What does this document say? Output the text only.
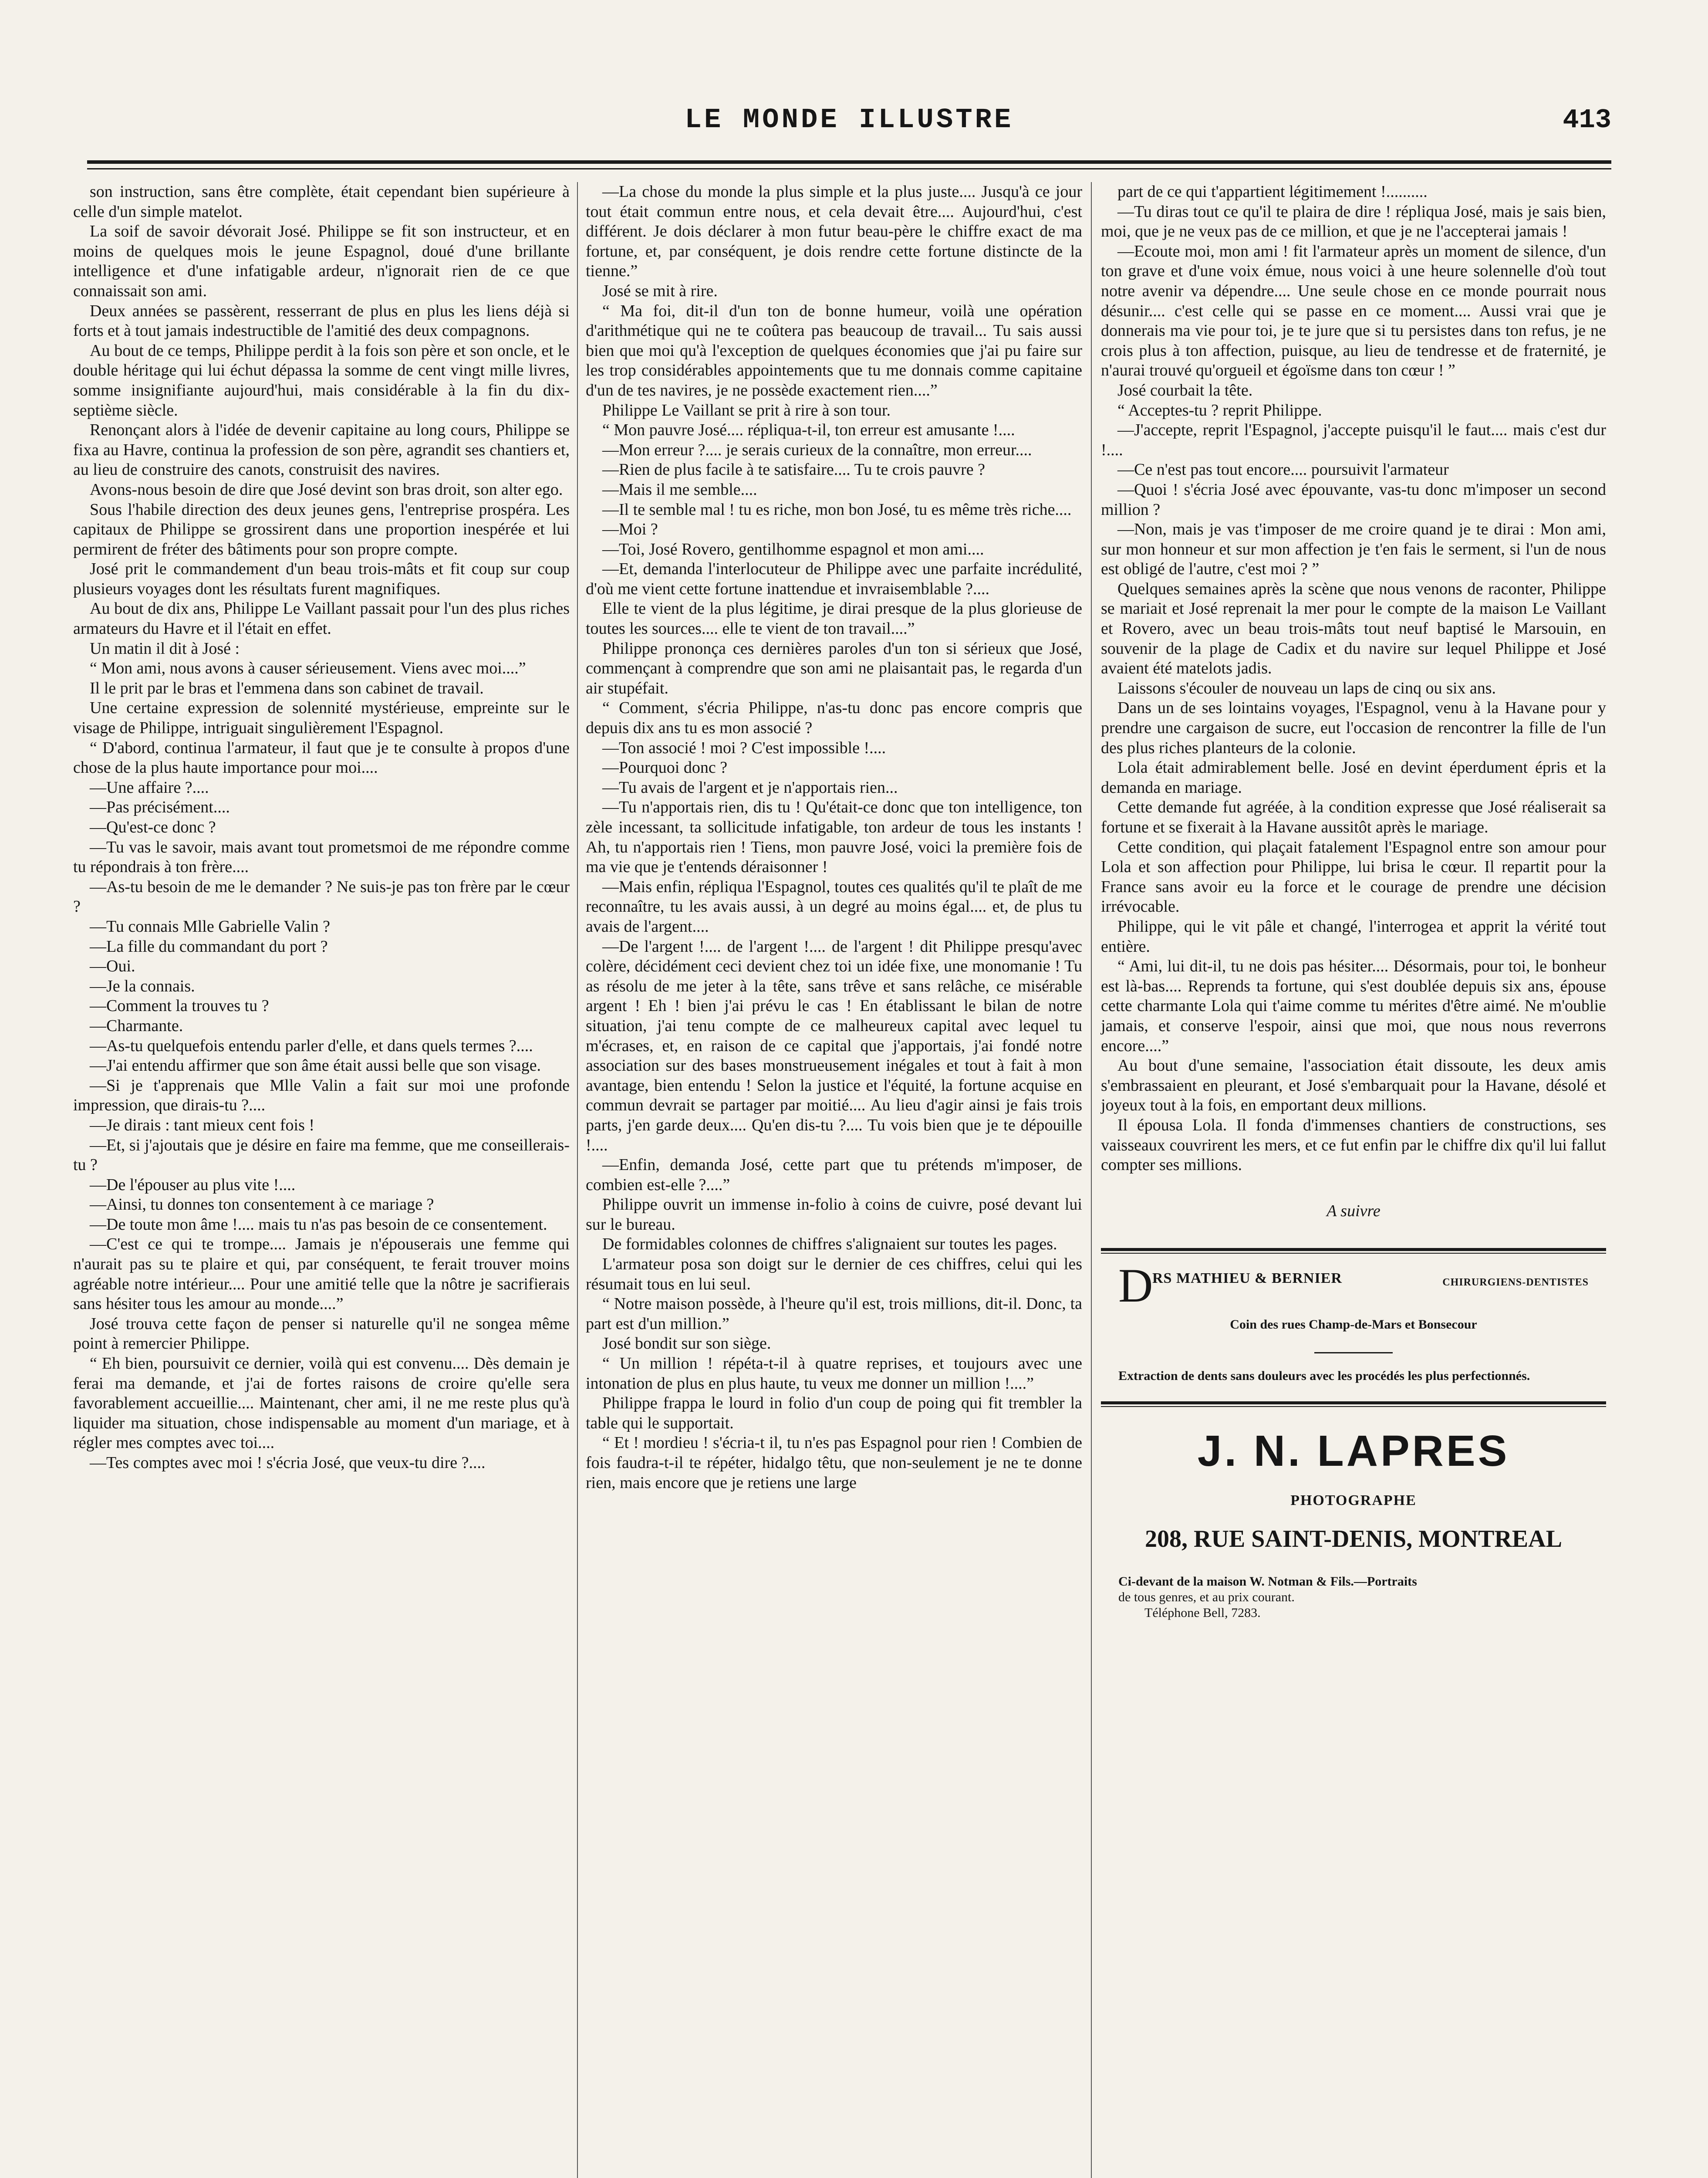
LE MONDE ILLUSTRE	413

son instruction, sans être complète, était cependant bien supérieure à celle d'un simple matelot.

La soif de savoir dévorait José. Philippe se fit son instructeur, et en moins de quelques mois le jeune Espagnol, doué d'une brillante intelligence et d'une infatigable ardeur, n'ignorait rien de ce que connaissait son ami.

Deux années se passèrent, resserrant de plus en plus les liens déjà si forts et à tout jamais indestructible de l'amitié des deux compagnons.

Au bout de ce temps, Philippe perdit à la fois son père et son oncle, et le double héritage qui lui échut dépassa la somme de cent vingt mille livres, somme insignifiante aujourd'hui, mais considérable à la fin du dix-septième siècle.

Renonçant alors à l'idée de devenir capitaine au long cours, Philippe se fixa au Havre, continua la profession de son père, agrandit ses chantiers et, au lieu de construire des canots, construisit des navires.

Avons-nous besoin de dire que José devint son bras droit, son alter ego.

Sous l'habile direction des deux jeunes gens, l'entreprise prospéra. Les capitaux de Philippe se grossirent dans une proportion inespérée et lui permirent de fréter des bâtiments pour son propre compte.

José prit le commandement d'un beau trois-mâts et fit coup sur coup plusieurs voyages dont les résultats furent magnifiques.

Au bout de dix ans, Philippe Le Vaillant passait pour l'un des plus riches armateurs du Havre et il l'était en effet.

Un matin il dit à José :

“ Mon ami, nous avons à causer sérieusement. Viens avec moi....”

Il le prit par le bras et l'emmena dans son cabinet de travail.

Une certaine expression de solennité mystérieuse, empreinte sur le visage de Philippe, intriguait singulièrement l'Espagnol.

“ D'abord, continua l'armateur, il faut que je te consulte à propos d'une chose de la plus haute importance pour moi....

—Une affaire ?....

—Pas précisément....

—Qu'est-ce donc ?

—Tu vas le savoir, mais avant tout prometsmoi de me répondre comme tu répondrais à ton frère....

—As-tu besoin de me le demander ? Ne suis-je pas ton frère par le cœur ?

—Tu connais Mlle Gabrielle Valin ?

—La fille du commandant du port ?

—Oui.

—Je la connais.

—Comment la trouves tu ?

—Charmante.

—As-tu quelquefois entendu parler d'elle, et dans quels termes ?....

—J'ai entendu affirmer que son âme était aussi belle que son visage.

—Si je t'apprenais que Mlle Valin a fait sur moi une profonde impression, que dirais-tu ?....

—Je dirais : tant mieux cent fois !

—Et, si j'ajoutais que je désire en faire ma femme, que me conseillerais-tu ?

—De l'épouser au plus vite !....

—Ainsi, tu donnes ton consentement à ce mariage ?

—De toute mon âme !.... mais tu n'as pas besoin de ce consentement.

—C'est ce qui te trompe.... Jamais je n'épouserais une femme qui n'aurait pas su te plaire et qui, par conséquent, te ferait trouver moins agréable notre intérieur.... Pour une amitié telle que la nôtre je sacrifierais sans hésiter tous les amour au monde....”

José trouva cette façon de penser si naturelle qu'il ne songea même point à remercier Philippe.

“ Eh bien, poursuivit ce dernier, voilà qui est convenu.... Dès demain je ferai ma demande, et j'ai de fortes raisons de croire qu'elle sera favorablement accueillie.... Maintenant, cher ami, il ne me reste plus qu'à liquider ma situation, chose indispensable au moment d'un mariage, et à régler mes comptes avec toi....

—Tes comptes avec moi ! s'écria José, que veux-tu dire ?....

—La chose du monde la plus simple et la plus juste.... Jusqu'à ce jour tout était commun entre nous, et cela devait être.... Aujourd'hui, c'est différent. Je dois déclarer à mon futur beau-père le chiffre exact de ma fortune, et, par conséquent, je dois rendre cette fortune distincte de la tienne.”

José se mit à rire.

“ Ma foi, dit-il d'un ton de bonne humeur, voilà une opération d'arithmétique qui ne te coûtera pas beaucoup de travail... Tu sais aussi bien que moi qu'à l'exception de quelques économies que j'ai pu faire sur les trop considérables appointements que tu me donnais comme capitaine d'un de tes navires, je ne possède exactement rien....”

Philippe Le Vaillant se prit à rire à son tour.

“ Mon pauvre José.... répliqua-t-il, ton erreur est amusante !....

—Mon erreur ?.... je serais curieux de la connaître, mon erreur....

—Rien de plus facile à te satisfaire.... Tu te crois pauvre ?

—Mais il me semble....

—Il te semble mal ! tu es riche, mon bon José, tu es même très riche....

—Moi ?

—Toi, José Rovero, gentilhomme espagnol et mon ami....

—Et, demanda l'interlocuteur de Philippe avec une parfaite incrédulité, d'où me vient cette fortune inattendue et invraisemblable ?....

Elle te vient de la plus légitime, je dirai presque de la plus glorieuse de toutes les sources.... elle te vient de ton travail....”

Philippe prononça ces dernières paroles d'un ton si sérieux que José, commençant à comprendre que son ami ne plaisantait pas, le regarda d'un air stupéfait.

“ Comment, s'écria Philippe, n'as-tu donc pas encore compris que depuis dix ans tu es mon associé ?

—Ton associé ! moi ? C'est impossible !....

—Pourquoi donc ?

—Tu avais de l'argent et je n'apportais rien...

—Tu n'apportais rien, dis tu ! Qu'était-ce donc que ton intelligence, ton zèle incessant, ta sollicitude infatigable, ton ardeur de tous les instants ! Ah, tu n'apportais rien ! Tiens, mon pauvre José, voici la première fois de ma vie que je t'entends déraisonner !

—Mais enfin, répliqua l'Espagnol, toutes ces qualités qu'il te plaît de me reconnaître, tu les avais aussi, à un degré au moins égal.... et, de plus tu avais de l'argent....

—De l'argent !.... de l'argent !.... de l'argent ! dit Philippe presqu'avec colère, décidément ceci devient chez toi un idée fixe, une monomanie ! Tu as résolu de me jeter à la tête, sans trêve et sans relâche, ce misérable argent ! Eh ! bien j'ai prévu le cas ! En établissant le bilan de notre situation, j'ai tenu compte de ce malheureux capital avec lequel tu m'écrases, et, en raison de ce capital que j'apportais, j'ai fondé notre association sur des bases monstrueusement inégales et tout à fait à mon avantage, bien entendu ! Selon la justice et l'équité, la fortune acquise en commun devrait se partager par moitié.... Au lieu d'agir ainsi je fais trois parts, j'en garde deux.... Qu'en dis-tu ?.... Tu vois bien que je te dépouille !....

—Enfin, demanda José, cette part que tu prétends m'imposer, de combien est-elle ?....”

Philippe ouvrit un immense in-folio à coins de cuivre, posé devant lui sur le bureau.

De formidables colonnes de chiffres s'alignaient sur toutes les pages.

L'armateur posa son doigt sur le dernier de ces chiffres, celui qui les résumait tous en lui seul.

“ Notre maison possède, à l'heure qu'il est, trois millions, dit-il. Donc, ta part est d'un million.”

José bondit sur son siège.

“ Un million ! répéta-t-il à quatre reprises, et toujours avec une intonation de plus en plus haute, tu veux me donner un million !....”

Philippe frappa le lourd in folio d'un coup de poing qui fit trembler la table qui le supportait.

“ Et ! mordieu ! s'écria-t il, tu n'es pas Espagnol pour rien ! Combien de fois faudra-t-il te répéter, hidalgo têtu, que non-seulement je ne te donne rien, mais encore que je retiens une large

part de ce qui t'appartient légitimement !..........

—Tu diras tout ce qu'il te plaira de dire ! répliqua José, mais je sais bien, moi, que je ne veux pas de ce million, et que je ne l'accepterai jamais !

—Ecoute moi, mon ami ! fit l'armateur après un moment de silence, d'un ton grave et d'une voix émue, nous voici à une heure solennelle d'où tout notre avenir va dépendre.... Une seule chose en ce monde pourrait nous désunir.... c'est celle qui se passe en ce moment.... Aussi vrai que je donnerais ma vie pour toi, je te jure que si tu persistes dans ton refus, je ne crois plus à ton affection, puisque, au lieu de tendresse et de fraternité, je n'aurai trouvé qu'orgueil et égoïsme dans ton cœur ! ”

José courbait la tête.

“ Acceptes-tu ? reprit Philippe.

—J'accepte, reprit l'Espagnol, j'accepte puisqu'il le faut.... mais c'est dur !....

—Ce n'est pas tout encore.... poursuivit l'armateur

—Quoi ! s'écria José avec épouvante, vas-tu donc m'imposer un second million ?

—Non, mais je vas t'imposer de me croire quand je te dirai : Mon ami, sur mon honneur et sur mon affection je t'en fais le serment, si l'un de nous est obligé de l'autre, c'est moi ? ”

Quelques semaines après la scène que nous venons de raconter, Philippe se mariait et José reprenait la mer pour le compte de la maison Le Vaillant et Rovero, avec un beau trois-mâts tout neuf baptisé le Marsouin, en souvenir de la plage de Cadix et du navire sur lequel Philippe et José avaient été matelots jadis.

Laissons s'écouler de nouveau un laps de cinq ou six ans.

Dans un de ses lointains voyages, l'Espagnol, venu à la Havane pour y prendre une cargaison de sucre, eut l'occasion de rencontrer la fille de l'un des plus riches planteurs de la colonie.

Lola était admirablement belle. José en devint éperdument épris et la demanda en mariage.

Cette demande fut agréée, à la condition expresse que José réaliserait sa fortune et se fixerait à la Havane aussitôt après le mariage.

Cette condition, qui plaçait fatalement l'Espagnol entre son amour pour Lola et son affection pour Philippe, lui brisa le cœur. Il repartit pour la France sans avoir eu la force et le courage de prendre une décision irrévocable.

Philippe, qui le vit pâle et changé, l'interrogea et apprit la vérité tout entière.

“ Ami, lui dit-il, tu ne dois pas hésiter.... Désormais, pour toi, le bonheur est là-bas.... Reprends ta fortune, qui s'est doublée depuis six ans, épouse cette charmante Lola qui t'aime comme tu mérites d'être aimé. Ne m'oublie jamais, et conserve l'espoir, ainsi que moi, que nous nous reverrons encore....”

Au bout d'une semaine, l'association était dissoute, les deux amis s'embrassaient en pleurant, et José s'embarquait pour la Havane, désolé et joyeux tout à la fois, en emportant deux millions.

Il épousa Lola. Il fonda d'immenses chantiers de constructions, ses vaisseaux couvrirent les mers, et ce fut enfin par le chiffre dix qu'il lui fallut compter ses millions.

A suivre

D
RS MATHIEU & BERNIER	CHIRURGIENS-DENTISTES

Coin des rues Champ-de-Mars et Bonsecour

Extraction de dents sans douleurs avec les procédés les plus perfectionnés.

J. N. LAPRES

PHOTOGRAPHE

208, RUE SAINT-DENIS, MONTREAL

Ci-devant de la maison W. Notman & Fils.—Portraits

de tous genres, et au prix courant.

Téléphone Bell, 7283.
